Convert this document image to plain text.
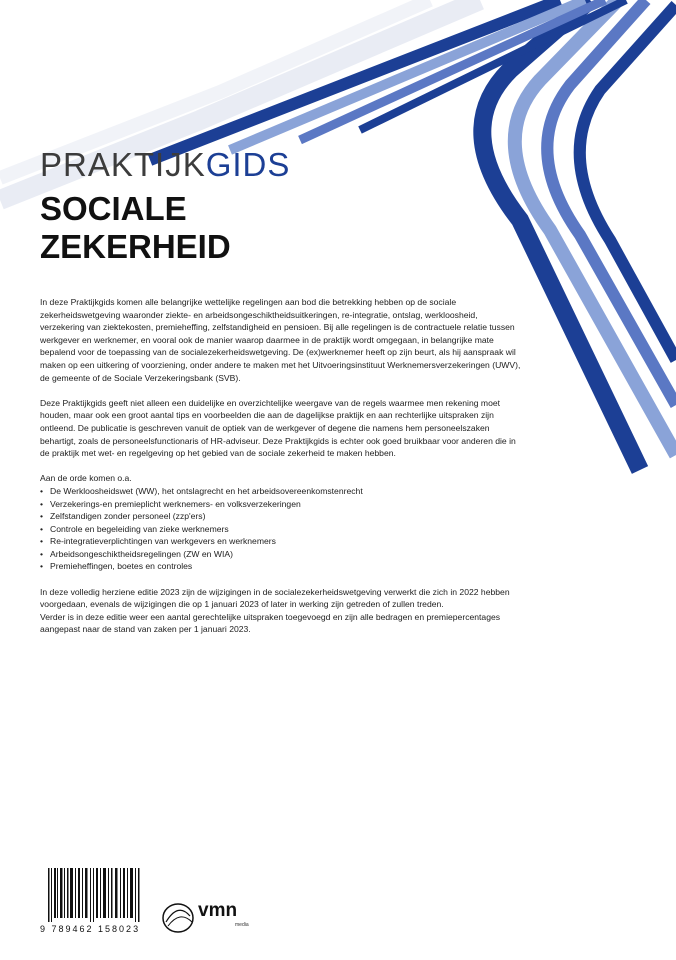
PRAKTIJKGIDS
SOCIALE
ZEKERHEID

In deze Praktijkgids komen alle belangrijke wettelijke regelingen aan bod die betrekking hebben op de sociale zekerheidswetgeving waaronder ziekte- en arbeidsongeschiktheidsuitkeringen, re-integratie, ontslag, werkloosheid, verzekering van ziektekosten, premieheffing, zelfstandigheid en pensioen. Bij alle regelingen is de contractuele relatie tussen werkgever en werknemer, en vooral ook de manier waarop daarmee in de praktijk wordt omgegaan, in belangrijke mate bepalend voor de toepassing van de socialezekerheidswetgeving. De (ex)werknemer heeft op zijn beurt, als hij aanspraak wil maken op een uitkering of voorziening, onder andere te maken met het Uitvoeringsinstituut Werknemersverzekeringen (UWV), de gemeente of de Sociale Verzekeringsbank (SVB).

Deze Praktijkgids geeft niet alleen een duidelijke en overzichtelijke weergave van de regels waarmee men rekening moet houden, maar ook een groot aantal tips en voorbeelden die aan de dagelijkse praktijk en aan rechterlijke uitspraken zijn ontleend. De publicatie is geschreven vanuit de optiek van de werkgever of degene die namens hem personeelszaken behartigt, zoals de personeelsfunctionaris of HR-adviseur. Deze Praktijkgids is echter ook goed bruikbaar voor anderen die in de praktijk met wet- en regelgeving op het gebied van de sociale zekerheid te maken hebben.

Aan de orde komen o.a.

• De Werkloosheidswet (WW), het ontslagrecht en het arbeidsovereenkomstenrecht
• Verzekerings-en premieplicht werknemers- en volksverzekeringen
• Zelfstandigen zonder personeel (zzp'ers)
• Controle en begeleiding van zieke werknemers
• Re-integratieverplichtingen van werkgevers en werknemers
• Arbeidsongeschiktheidsregelingen (ZW en WIA)
• Premieheffingen, boetes en controles

In deze volledig herziene editie 2023 zijn de wijzigingen in de socialezekerheidswetgeving verwerkt die zich in 2022 hebben voorgedaan, evenals de wijzigingen die op 1 januari 2023 of later in werking zijn getreden of zullen treden.

Verder is in deze editie weer een aantal gerechtelijke uitspraken toegevoegd en zijn alle bedragen en premiepercentages aangepast naar de stand van zaken per 1 januari 2023.

9 789462 158023
vmn
media
